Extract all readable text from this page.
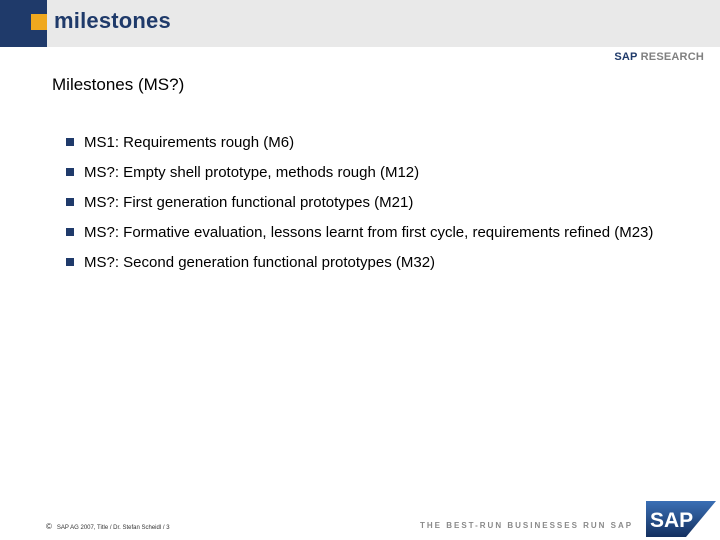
milestones
SAP RESEARCH
Milestones (MS?)
MS1: Requirements rough (M6)
MS?: Empty shell prototype, methods rough (M12)
MS?: First generation functional prototypes (M21)
MS?: Formative evaluation, lessons learnt from first cycle, requirements refined (M23)
MS?: Second generation functional prototypes (M32)
© SAP AG 2007, Title / Dr. Stefan Scheidl / 3	THE BEST-RUN BUSINESSES RUN SAP SAP
